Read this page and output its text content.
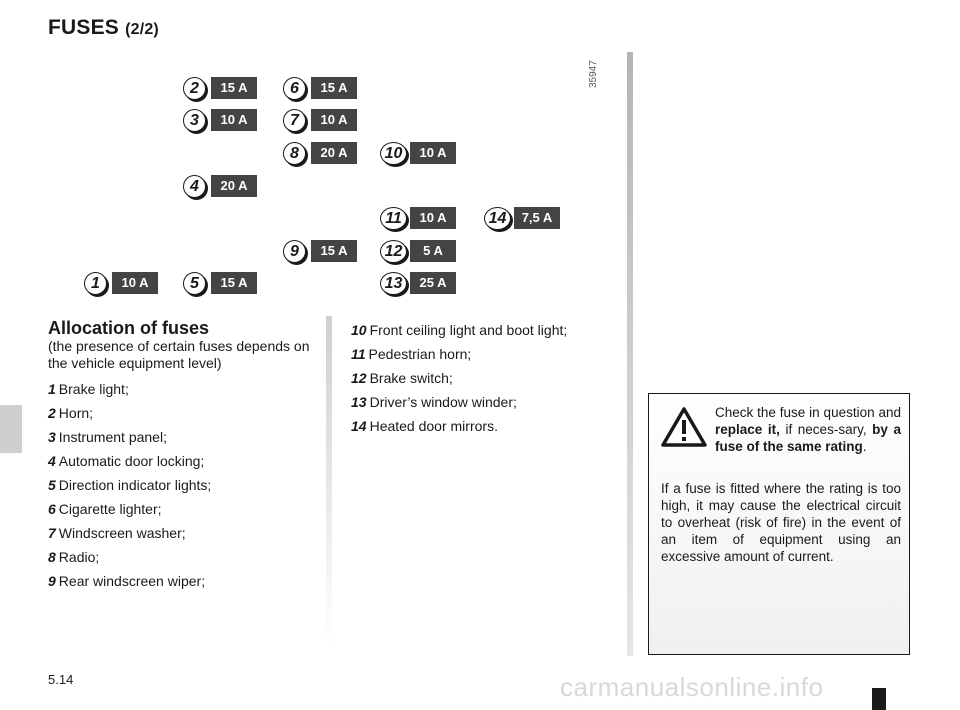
FUSES (2/2)
35947
2	15 A	6	15 A
3	10 A	7	10 A
8	20 A	10	10 A
4	20 A
11	10 A	14	7,5 A
9	15 A	12	5 A
1	10 A	5	15 A	13	25 A
Allocation of fuses
(the presence of certain fuses depends on the vehicle equipment level)
1 Brake light;
2 Horn;
3 Instrument panel;
4 Automatic door locking;
5 Direction indicator lights;
6 Cigarette lighter;
7 Windscreen washer;
8 Radio;
9 Rear windscreen wiper;
10 Front ceiling light and boot light;
11 Pedestrian horn;
12 Brake switch;
13 Driver’s window winder;
14 Heated door mirrors.
Check the fuse in question and replace it, if neces-sary, by a fuse of the same rating.
If a fuse is fitted where the rating is too high, it may cause the electrical circuit to overheat (risk of fire) in the event of an item of equipment using an excessive amount of current.
5.14	carmanualsonline.info
